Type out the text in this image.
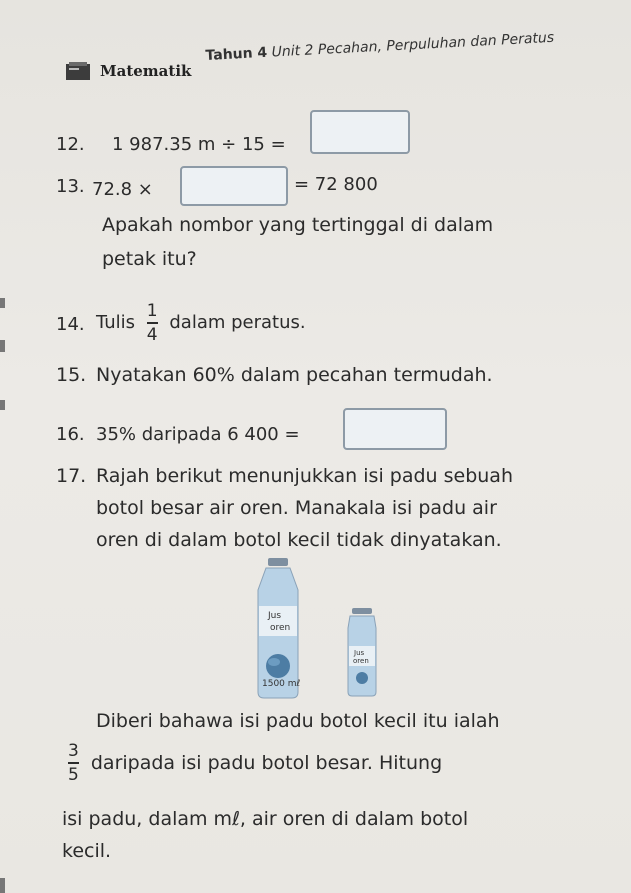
Matematik
Tahun 4 Unit 2 Pecahan, Perpuluhan dan Peratus
12. 1 987.35 m ÷ 15 =
13. 72.8 ×	= 72 800
Apakah nombor yang tertinggal di dalam
petak itu?
14. Tulis $\frac{1}{4}$ dalam peratus.
15. Nyatakan 60% dalam pecahan termudah.
16. 35% daripada 6 400 =
17. Rajah berikut menunjukkan isi padu sebuah
botol besar air oren. Manakala isi padu air
oren di dalam botol kecil tidak dinyatakan.
Jus
oren
1500 mℓ
Jus
oren
Diberi bahawa isi padu botol kecil itu ialah
$\frac{3}{5}$ daripada isi padu botol besar. Hitung
isi padu, dalam mℓ, air oren di dalam botol
kecil.
